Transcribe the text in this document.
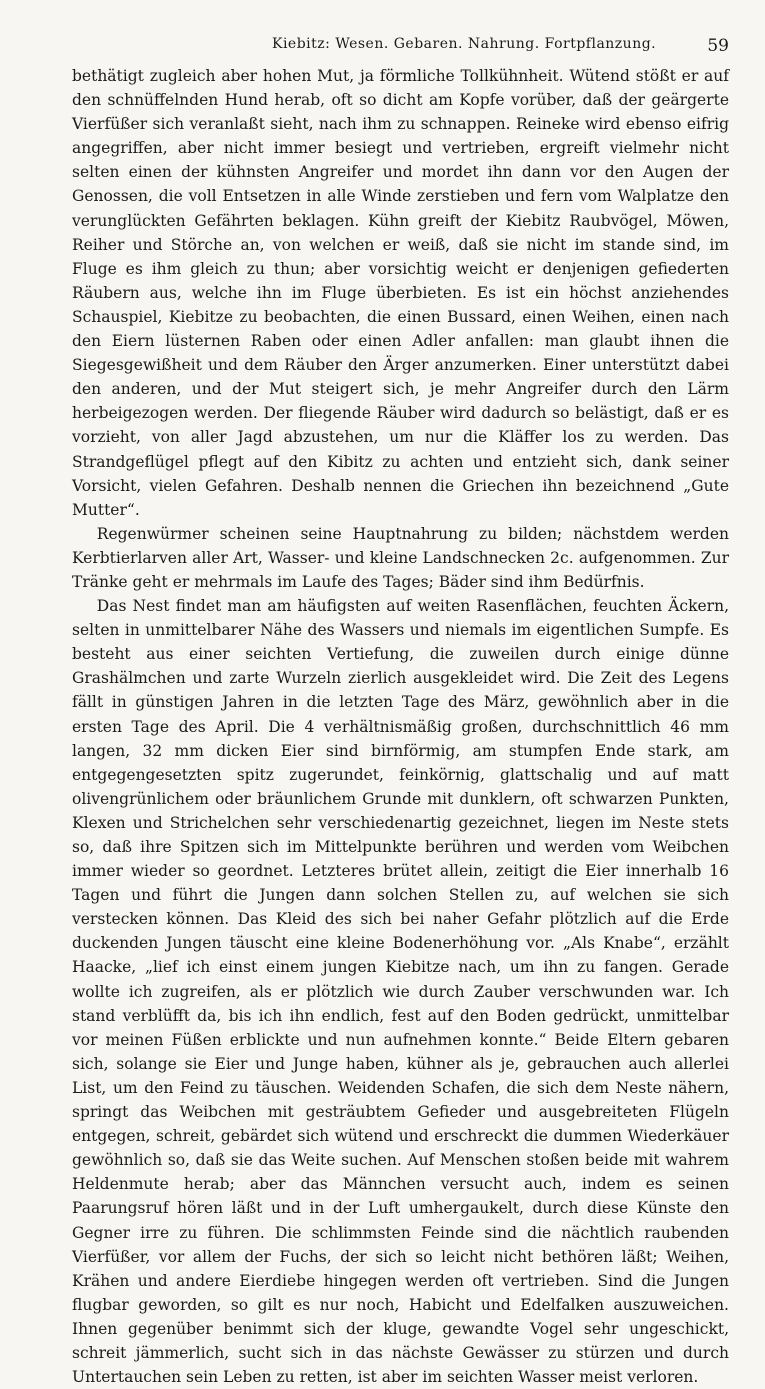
Kiebitz: Wesen. Gebaren. Nahrung. Fortpflanzung.	59

bethätigt zugleich aber hohen Mut, ja förmliche Tollkühnheit. Wütend stößt er auf den schnüffelnden Hund herab, oft so dicht am Kopfe vorüber, daß der geärgerte Vierfüßer sich veranlaßt sieht, nach ihm zu schnappen. Reineke wird ebenso eifrig angegriffen, aber nicht immer besiegt und vertrieben, ergreift vielmehr nicht selten einen der kühnsten Angreifer und mordet ihn dann vor den Augen der Genossen, die voll Entsetzen in alle Winde zerstieben und fern vom Walplatze den verunglückten Gefährten beklagen. Kühn greift der Kiebitz Raubvögel, Möwen, Reiher und Störche an, von welchen er weiß, daß sie nicht im stande sind, im Fluge es ihm gleich zu thun; aber vorsichtig weicht er denjenigen gefiederten Räubern aus, welche ihn im Fluge überbieten. Es ist ein höchst anziehendes Schauspiel, Kiebitze zu beobachten, die einen Bussard, einen Weihen, einen nach den Eiern lüsternen Raben oder einen Adler anfallen: man glaubt ihnen die Siegesgewißheit und dem Räuber den Ärger anzumerken. Einer unterstützt dabei den anderen, und der Mut steigert sich, je mehr Angreifer durch den Lärm herbeigezogen werden. Der fliegende Räuber wird dadurch so belästigt, daß er es vorzieht, von aller Jagd abzustehen, um nur die Kläffer los zu werden. Das Strandgeflügel pflegt auf den Kibitz zu achten und entzieht sich, dank seiner Vorsicht, vielen Gefahren. Deshalb nennen die Griechen ihn bezeichnend „Gute Mutter“.

Regenwürmer scheinen seine Hauptnahrung zu bilden; nächstdem werden Kerbtierlarven aller Art, Wasser- und kleine Landschnecken 2c. aufgenommen. Zur Tränke geht er mehrmals im Laufe des Tages; Bäder sind ihm Bedürfnis.

Das Nest findet man am häufigsten auf weiten Rasenflächen, feuchten Äckern, selten in unmittelbarer Nähe des Wassers und niemals im eigentlichen Sumpfe. Es besteht aus einer seichten Vertiefung, die zuweilen durch einige dünne Grashälmchen und zarte Wurzeln zierlich ausgekleidet wird. Die Zeit des Legens fällt in günstigen Jahren in die letzten Tage des März, gewöhnlich aber in die ersten Tage des April. Die 4 verhältnismäßig großen, durchschnittlich 46 mm langen, 32 mm dicken Eier sind birnförmig, am stumpfen Ende stark, am entgegengesetzten spitz zugerundet, feinkörnig, glattschalig und auf matt olivengrünlichem oder bräunlichem Grunde mit dunklern, oft schwarzen Punkten, Klexen und Strichelchen sehr verschiedenartig gezeichnet, liegen im Neste stets so, daß ihre Spitzen sich im Mittelpunkte berühren und werden vom Weibchen immer wieder so geordnet. Letzteres brütet allein, zeitigt die Eier innerhalb 16 Tagen und führt die Jungen dann solchen Stellen zu, auf welchen sie sich verstecken können. Das Kleid des sich bei naher Gefahr plötzlich auf die Erde duckenden Jungen täuscht eine kleine Bodenerhöhung vor. „Als Knabe“, erzählt Haacke, „lief ich einst einem jungen Kiebitze nach, um ihn zu fangen. Gerade wollte ich zugreifen, als er plötzlich wie durch Zauber verschwunden war. Ich stand verblüfft da, bis ich ihn endlich, fest auf den Boden gedrückt, unmittelbar vor meinen Füßen erblickte und nun aufnehmen konnte.“ Beide Eltern gebaren sich, solange sie Eier und Junge haben, kühner als je, gebrauchen auch allerlei List, um den Feind zu täuschen. Weidenden Schafen, die sich dem Neste nähern, springt das Weibchen mit gesträubtem Gefieder und ausgebreiteten Flügeln entgegen, schreit, gebärdet sich wütend und erschreckt die dummen Wiederkäuer gewöhnlich so, daß sie das Weite suchen. Auf Menschen stoßen beide mit wahrem Heldenmute herab; aber das Männchen versucht auch, indem es seinen Paarungsruf hören läßt und in der Luft umhergaukelt, durch diese Künste den Gegner irre zu führen. Die schlimmsten Feinde sind die nächtlich raubenden Vierfüßer, vor allem der Fuchs, der sich so leicht nicht bethören läßt; Weihen, Krähen und andere Eierdiebe hingegen werden oft vertrieben. Sind die Jungen flugbar geworden, so gilt es nur noch, Habicht und Edelfalken auszuweichen. Ihnen gegenüber benimmt sich der kluge, gewandte Vogel sehr ungeschickt, schreit jämmerlich, sucht sich in das nächste Gewässer zu stürzen und durch Untertauchen sein Leben zu retten, ist aber im seichten Wasser meist verloren.
